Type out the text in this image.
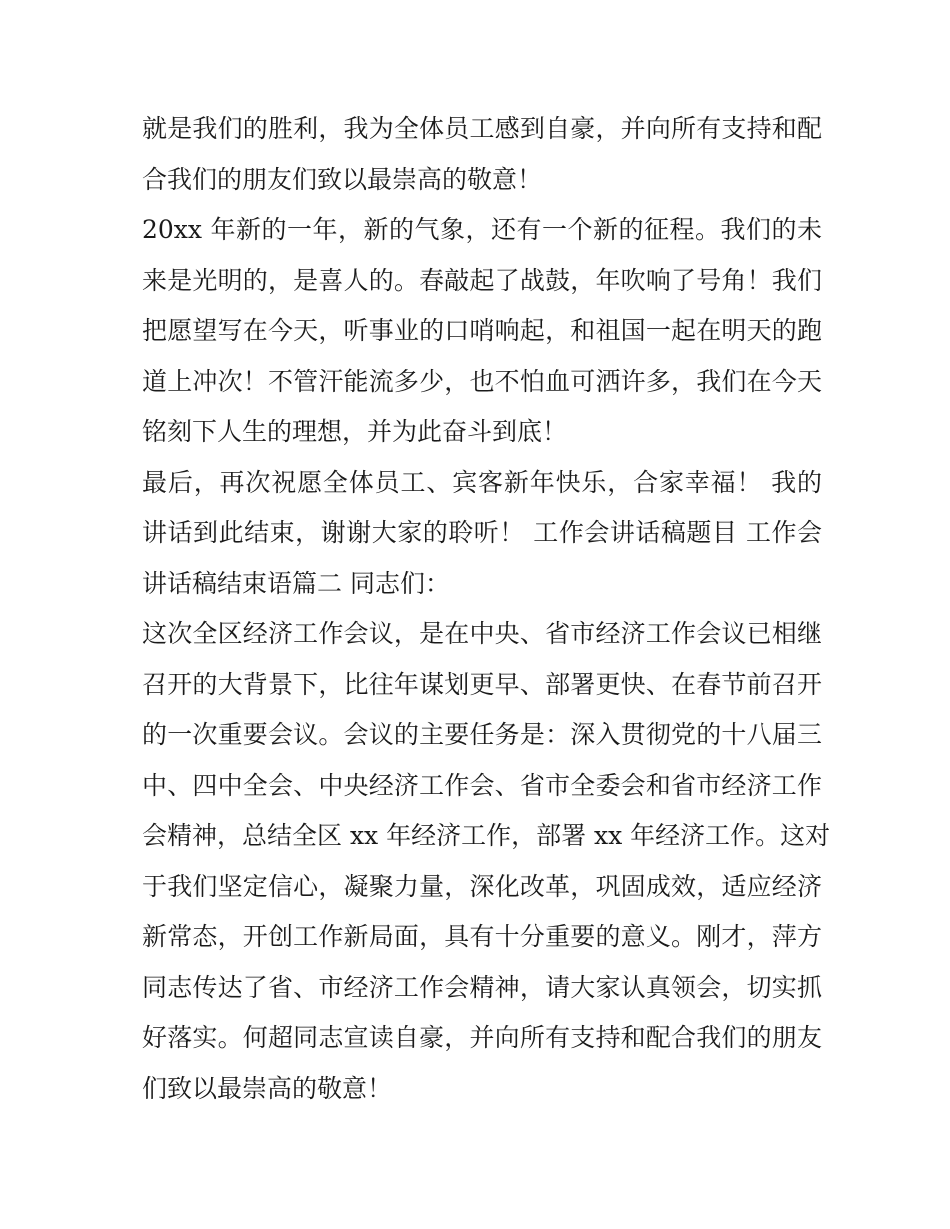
就是我们的胜利，我为全体员工感到自豪，并向所有支持和配
合我们的朋友们致以最崇高的敬意！
20xx 年新的一年，新的气象，还有一个新的征程。我们的未
来是光明的，是喜人的。春敲起了战鼓，年吹响了号角！我们
把愿望写在今天，听事业的口哨响起，和祖国一起在明天的跑
道上冲次！不管汗能流多少，也不怕血可洒许多，我们在今天
铭刻下人生的理想，并为此奋斗到底！
最后，再次祝愿全体员工、宾客新年快乐，合家幸福！ 我的
讲话到此结束，谢谢大家的聆听！ 工作会讲话稿题目 工作会
讲话稿结束语篇二 同志们：
这次全区经济工作会议，是在中央、省市经济工作会议已相继
召开的大背景下，比往年谋划更早、部署更快、在春节前召开
的一次重要会议。会议的主要任务是：深入贯彻党的十八届三
中、四中全会、中央经济工作会、省市全委会和省市经济工作
会精神，总结全区 xx 年经济工作，部署 xx 年经济工作。这对
于我们坚定信心，凝聚力量，深化改革，巩固成效，适应经济
新常态，开创工作新局面，具有十分重要的意义。刚才，萍方
同志传达了省、市经济工作会精神，请大家认真领会，切实抓
好落实。何超同志宣读自豪，并向所有支持和配合我们的朋友
们致以最崇高的敬意！
